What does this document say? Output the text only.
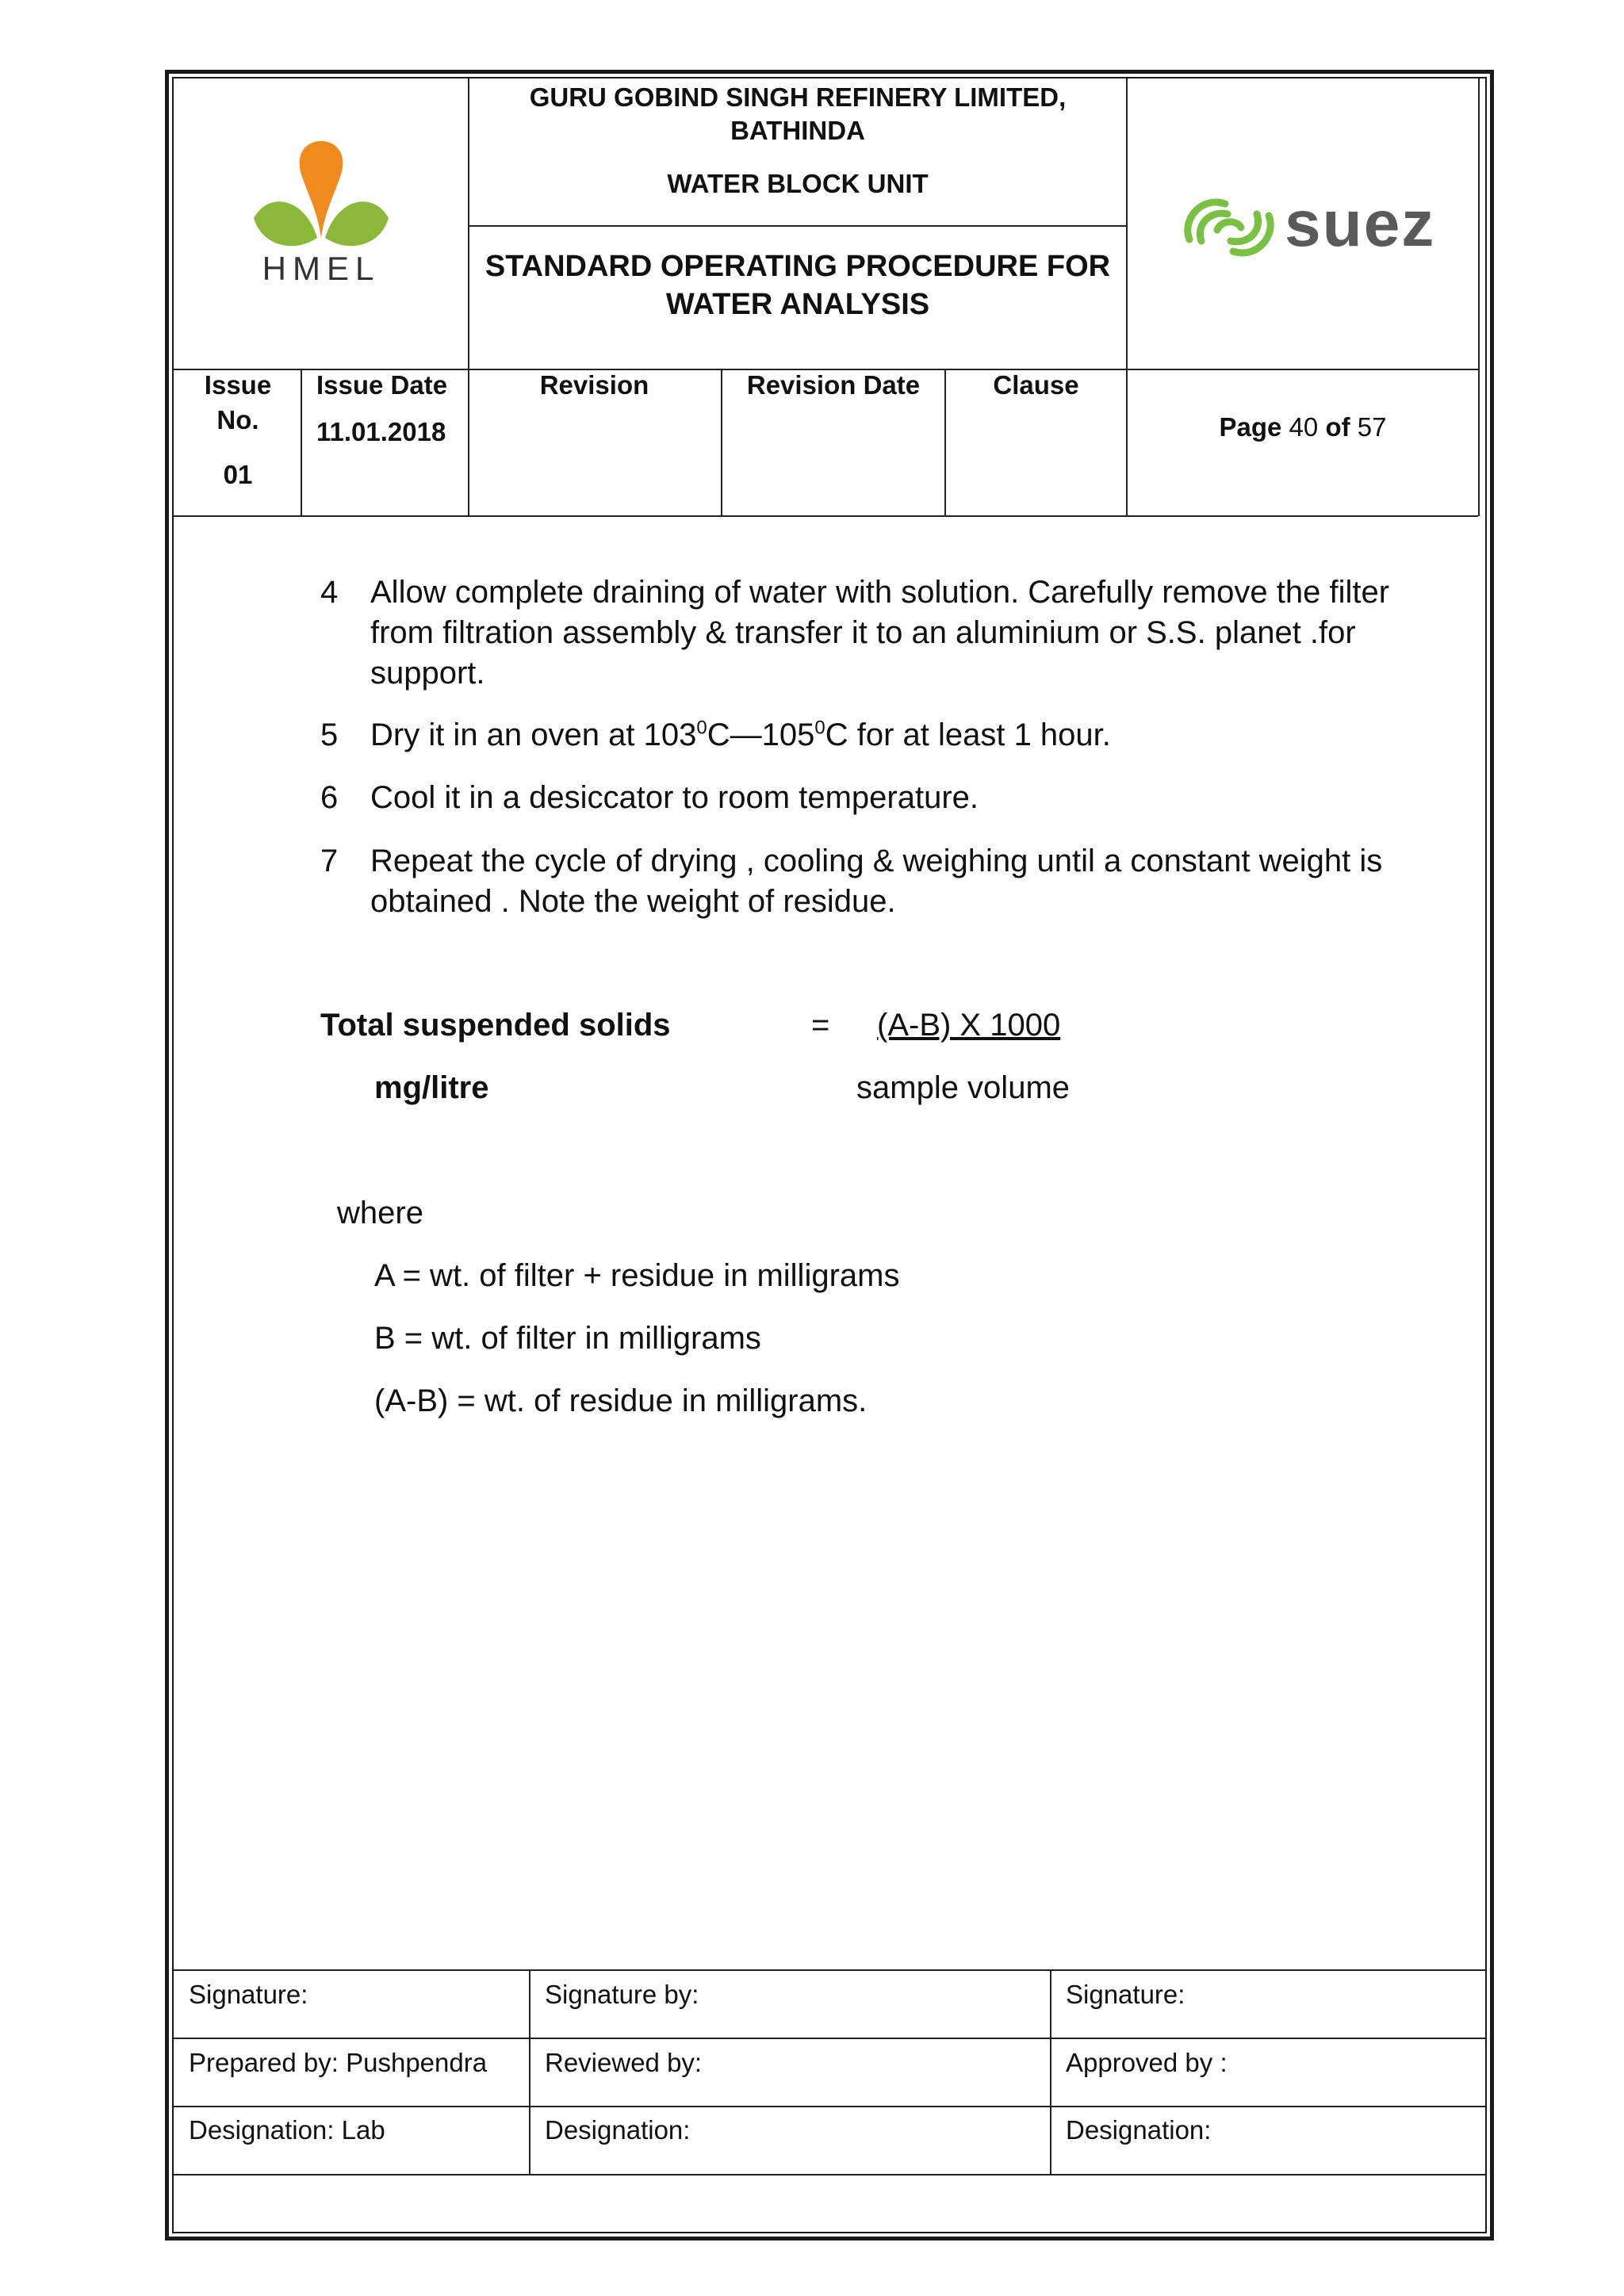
HMEL
GURU GOBIND SINGH REFINERY LIMITED,
BATHINDA
WATER BLOCK UNIT
STANDARD OPERATING PROCEDURE FOR
WATER ANALYSIS
suez
Issue
No.
01
Issue Date
11.01.2018
Revision	Revision Date	Clause
Page 40 of 57
4 Allow complete draining of water with solution. Carefully remove the filter
from filtration assembly & transfer it to an aluminium or S.S. planet .for
support.
5 Dry it in an oven at $103^0C—105^0C$ for at least 1 hour.
6 Cool it in a desiccator to room temperature.
7 Repeat the cycle of drying , cooling & weighing until a constant weight is
obtained . Note the weight of residue.
Total suspended solids
mg/litre
= (A-B) X 1000
sample volume
where
A = wt. of filter + residue in milligrams
B = wt. of filter in milligrams
(A-B) = wt. of residue in milligrams.
Signature:
Prepared by: Pushpendra
Designation: Lab
Signature by:
Reviewed by:
Designation:
Signature:
Approved by :
Designation:
